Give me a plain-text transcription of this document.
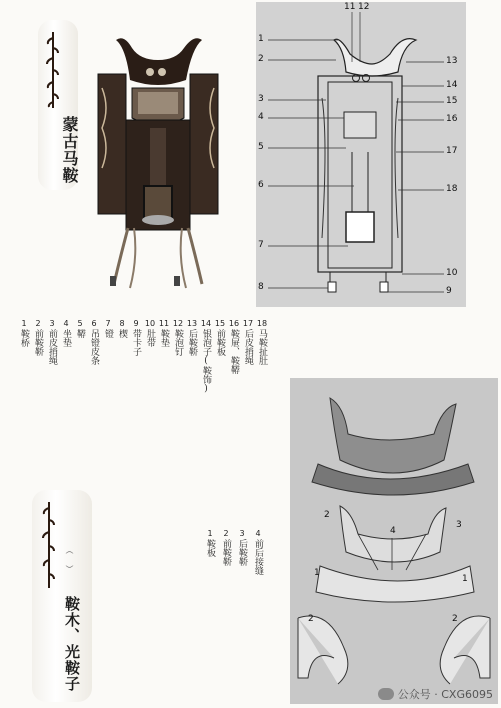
蒙古马鞍
1
2
3
4
5
6
7
8	9
10
11 12
13
14
15
16
17
18
18马鞍扯肚
17后皮捎绳
16鞍屉、鞍鞯
15前鞍板
14银泡子(鞍饰)
13后鞍鞒
12鞍泡钉
11鞍垫
10肚带
9带卡子
8楔
7镫
6吊镫皮条
5鞯
4坐垫
3前皮捎绳
2前鞍鞒
1鞍桥
（ ）
鞍木、光鞍子
4前后接缝
3后鞍鞒
2前鞍鞒
1鞍板
2
4
3
1
1
2	2
公众号 · CXG6095
